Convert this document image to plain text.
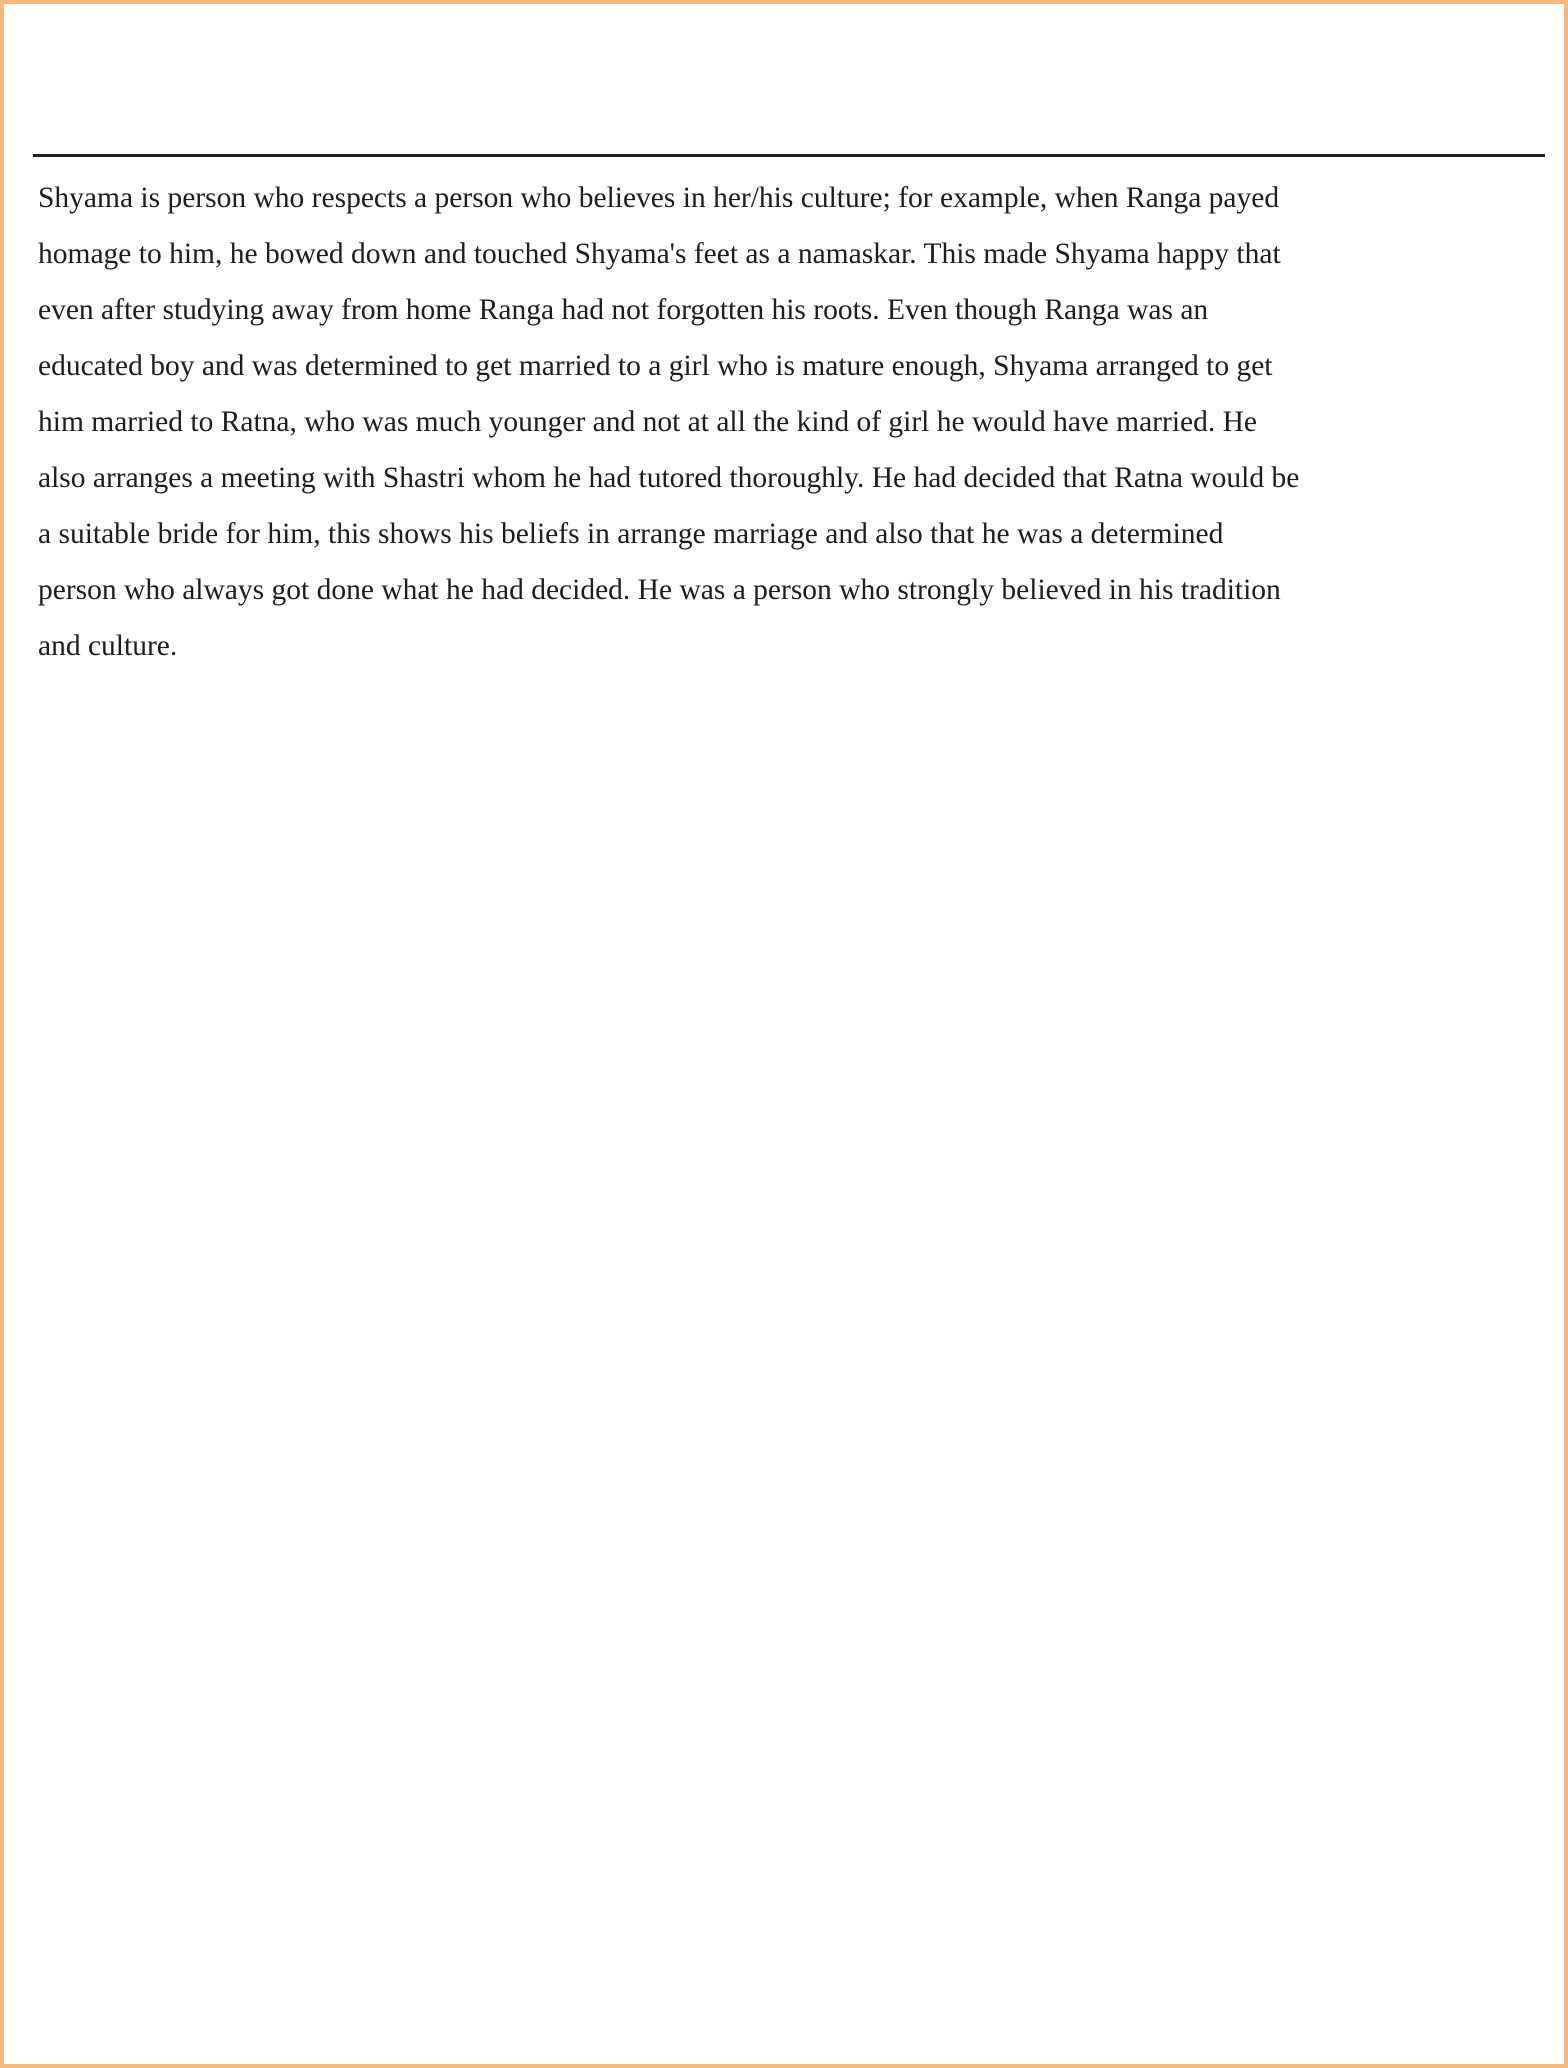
Shyama is person who respects a person who believes in her/his culture; for example, when Ranga payed
homage to him, he bowed down and touched Shyama's feet as a namaskar. This made Shyama happy that
even after studying away from home Ranga had not forgotten his roots. Even though Ranga was an
educated boy and was determined to get married to a girl who is mature enough, Shyama arranged to get
him married to Ratna, who was much younger and not at all the kind of girl he would have married. He
also arranges a meeting with Shastri whom he had tutored thoroughly. He had decided that Ratna would be
a suitable bride for him, this shows his beliefs in arrange marriage and also that he was a determined
person who always got done what he had decided. He was a person who strongly believed in his tradition
and culture.
